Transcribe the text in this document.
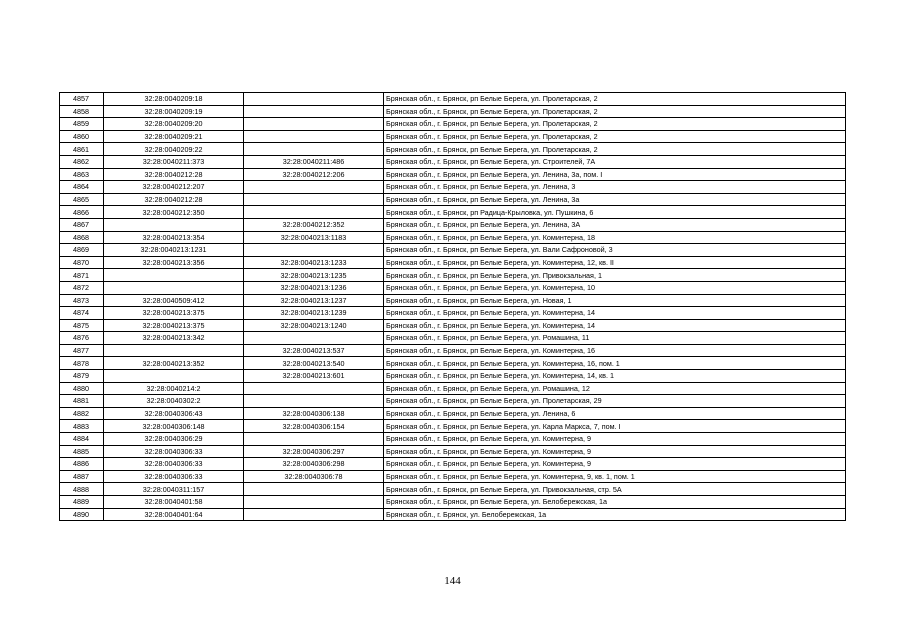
4857	32:28:0040209:18		Брянская обл., г. Брянск, рп Белые Берега, ул. Пролетарская, 2
4858	32:28:0040209:19		Брянская обл., г. Брянск, рп Белые Берега, ул. Пролетарская, 2
4859	32:28:0040209:20		Брянская обл., г. Брянск, рп Белые Берега, ул. Пролетарская, 2
4860	32:28:0040209:21		Брянская обл., г. Брянск, рп Белые Берега, ул. Пролетарская, 2
4861	32:28:0040209:22		Брянская обл., г. Брянск, рп Белые Берега, ул. Пролетарская, 2
4862	32:28:0040211:373	32:28:0040211:486	Брянская обл., г. Брянск, рп Белые Берега, ул. Строителей, 7А
4863	32:28:0040212:28	32:28:0040212:206	Брянская обл., г. Брянск, рп Белые Берега, ул. Ленина, 3а, пом. I
4864	32:28:0040212:207		Брянская обл., г. Брянск, рп Белые Берега, ул. Ленина, 3
4865	32:28:0040212:28		Брянская обл., г. Брянск, рп Белые Берега, ул. Ленина, 3а
4866	32:28:0040212:350		Брянская обл., г. Брянск, рп Радица-Крыловка, ул. Пушкина, 6
4867		32:28:0040212:352	Брянская обл., г. Брянск, рп Белые Берега, ул. Ленина, 3А
4868	32:28:0040213:354	32:28:0040213:1183	Брянская обл., г. Брянск, рп Белые Берега, ул. Коминтерна, 18
4869	32:28:0040213:1231		Брянская обл., г. Брянск, рп Белые Берега, ул. Вали Сафроновой, 3
4870	32:28:0040213:356	32:28:0040213:1233	Брянская обл., г. Брянск, рп Белые Берега, ул. Коминтерна, 12, кв. II
4871		32:28:0040213:1235	Брянская обл., г. Брянск, рп Белые Берега, ул. Привокзальная, 1
4872		32:28:0040213:1236	Брянская обл., г. Брянск, рп Белые Берега, ул. Коминтерна, 10
4873	32:28:0040509:412	32:28:0040213:1237	Брянская обл., г. Брянск, рп Белые Берега, ул. Новая, 1
4874	32:28:0040213:375	32:28:0040213:1239	Брянская обл., г. Брянск, рп Белые Берега, ул. Коминтерна, 14
4875	32:28:0040213:375	32:28:0040213:1240	Брянская обл., г. Брянск, рп Белые Берега, ул. Коминтерна, 14
4876	32:28:0040213:342		Брянская обл., г. Брянск, рп Белые Берега, ул. Ромашина, 11
4877		32:28:0040213:537	Брянская обл., г. Брянск, рп Белые Берега, ул. Коминтерна, 16
4878	32:28:0040213:352	32:28:0040213:540	Брянская обл., г. Брянск, рп Белые Берега, ул. Коминтерна, 16, пом. 1
4879		32:28:0040213:601	Брянская обл., г. Брянск, рп Белые Берега, ул. Коминтерна, 14, кв. 1
4880	32:28:0040214:2		Брянская обл., г. Брянск, рп Белые Берега, ул. Ромашина, 12
4881	32:28:0040302:2		Брянская обл., г. Брянск, рп Белые Берега, ул. Пролетарская, 29
4882	32:28:0040306:43	32:28:0040306:138	Брянская обл., г. Брянск, рп Белые Берега, ул. Ленина, 6
4883	32:28:0040306:148	32:28:0040306:154	Брянская обл., г. Брянск, рп Белые Берега, ул. Карла Маркса, 7, пом. I
4884	32:28:0040306:29		Брянская обл., г. Брянск, рп Белые Берега, ул. Коминтерна, 9
4885	32:28:0040306:33	32:28:0040306:297	Брянская обл., г. Брянск, рп Белые Берега, ул. Коминтерна, 9
4886	32:28:0040306:33	32:28:0040306:298	Брянская обл., г. Брянск, рп Белые Берега, ул. Коминтерна, 9
4887	32:28:0040306:33	32:28:0040306:78	Брянская обл., г. Брянск, рп Белые Берега, ул. Коминтерна, 9, кв. 1, пом. 1
4888	32:28:0040311:157		Брянская обл., г. Брянск, рп Белые Берега, ул. Привокзальная, стр. 5А
4889	32:28:0040401:58		Брянская обл., г. Брянск, рп Белые Берега, ул. Белобережская, 1а
4890	32:28:0040401:64		Брянская обл., г. Брянск, ул. Белобережская, 1а
144
